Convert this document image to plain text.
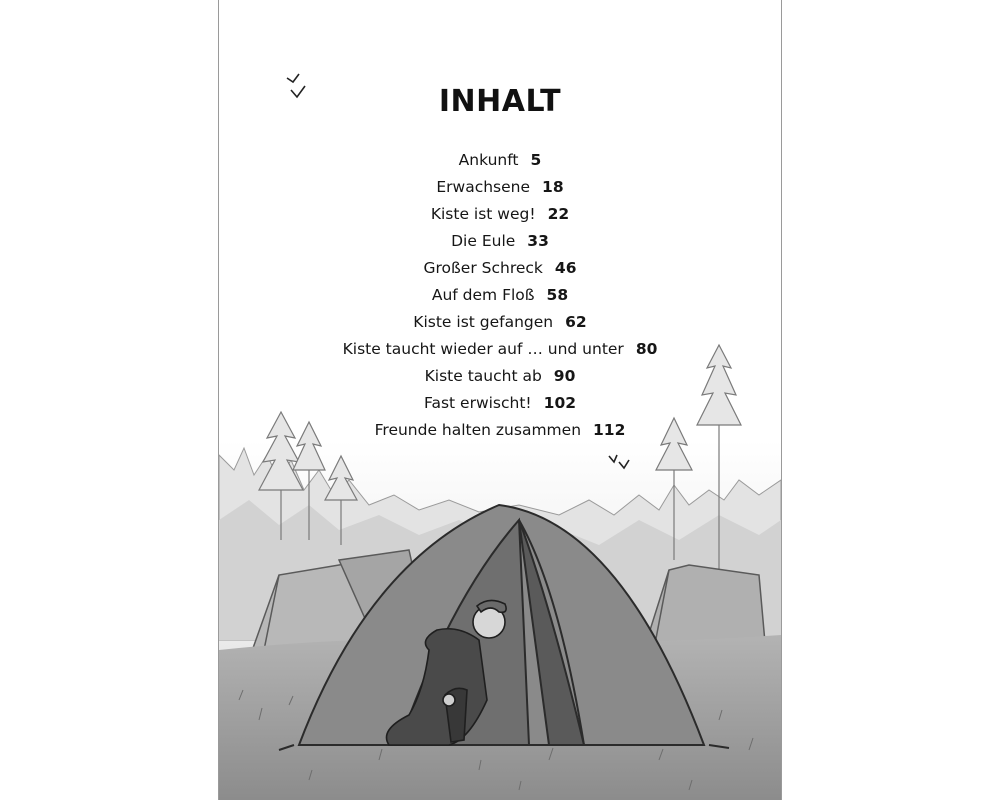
INHALT
Ankunft 5
Erwachsene 18
Kiste ist weg! 22
Die Eule 33
Großer Schreck 46
Auf dem Floß 58
Kiste ist gefangen 62
Kiste taucht wieder auf … und unter 80
Kiste taucht ab 90
Fast erwischt! 102
Freunde halten zusammen 112
